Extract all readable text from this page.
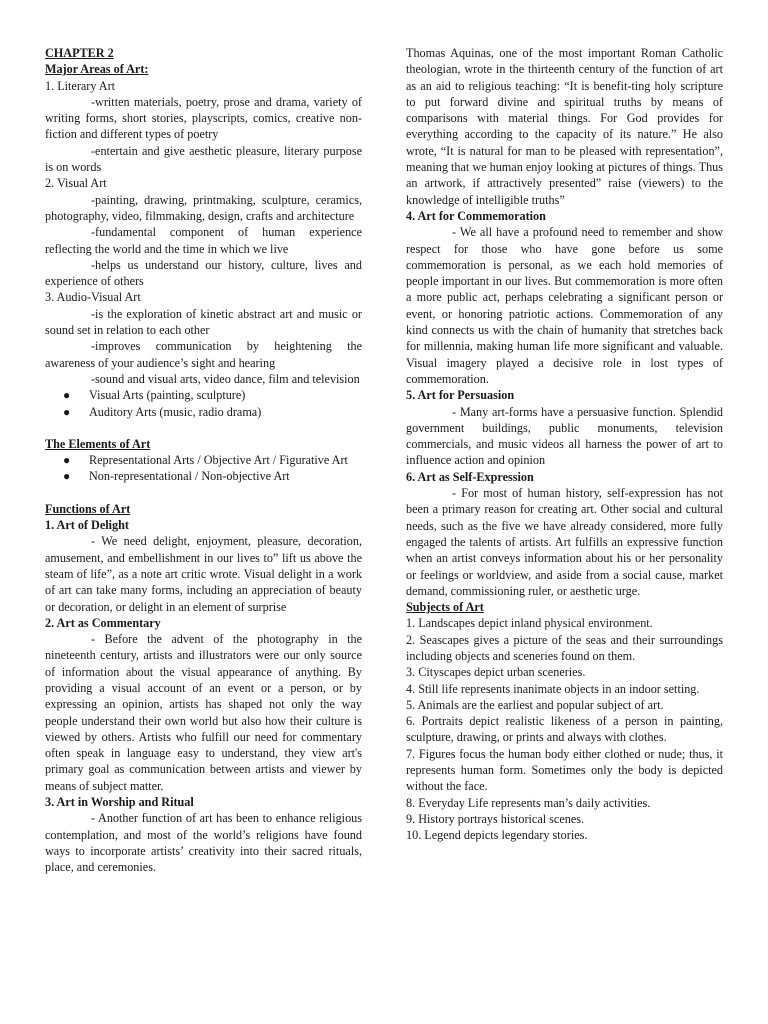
CHAPTER 2

Major Areas of Art:

1. Literary Art

-written materials, poetry, prose and drama, variety of writing forms, short stories, playscripts, comics, creative non-fiction and different types of poetry

-entertain and give aesthetic pleasure, literary purpose is on words

2. Visual Art

-painting, drawing, printmaking, sculpture, ceramics, photography, video, filmmaking, design, crafts and architecture

-fundamental component of human experience reflecting the world and the time in which we live

-helps us understand our history, culture, lives and experience of others

3. Audio-Visual Art

-is the exploration of kinetic abstract art and music or sound set in relation to each other

-improves communication by heightening the awareness of your audience’s sight and hearing

-sound and visual arts, video dance, film and television

● Visual Arts (painting, sculpture)
● Auditory Arts (music, radio drama)

The Elements of Art

● Representational Arts / Objective Art / Figurative Art
● Non-representational / Non-objective Art

Functions of Art

1. Art of Delight

- We need delight, enjoyment, pleasure, decoration, amusement, and embellishment in our lives to” lift us above the steam of life”, as a note art critic wrote. Visual delight in a work of art can take many forms, including an appreciation of beauty or decoration, or delight in an element of surprise

2. Art as Commentary

- Before the advent of the photography in the nineteenth century, artists and illustrators were our only source of information about the visual appearance of anything. By providing a visual account of an event or a person, or by expressing an opinion, artists has shaped not only the way people understand their own world but also how their culture is viewed by others. Artists who fulfill our need for commentary often speak in language easy to understand, they view art's primary goal as communication between artists and viewer by means of subject matter.

3. Art in Worship and Ritual

- Another function of art has been to enhance religious contemplation, and most of the world’s religions have found ways to incorporate artists’ creativity into their sacred rituals, place, and ceremonies.

Thomas Aquinas, one of the most important Roman Catholic theologian, wrote in the thirteenth century of the function of art as an aid to religious teaching: “It is benefit-ting holy scripture to put forward divine and spiritual truths by means of comparisons with material things. For God provides for everything according to the capacity of its nature.” He also wrote, “It is natural for man to be pleased with representation”, meaning that we human enjoy looking at pictures of things. Thus an artwork, if attractively presented” raise (viewers) to the knowledge of intelligible truths”

4. Art for Commemoration

- We all have a profound need to remember and show respect for those who have gone before us some commemoration is personal, as we each hold memories of people important in our lives. But commemoration is more often a more public act, perhaps celebrating a significant person or event, or honoring patriotic actions. Commemoration of any kind connects us with the chain of humanity that stretches back for millennia, making human life more significant and valuable. Visual imagery played a decisive role in lost types of commemoration.

5. Art for Persuasion

- Many art-forms have a persuasive function. Splendid government buildings, public monuments, television commercials, and music videos all harness the power of art to influence action and opinion

6. Art as Self-Expression

- For most of human history, self-expression has not been a primary reason for creating art. Other social and cultural needs, such as the five we have already considered, more fully engaged the talents of artists. Art fulfills an expressive function when an artist conveys information about his or her personality or feelings or worldview, and aside from a social cause, market demand, commissioning ruler, or aesthetic urge.

Subjects of Art

1. Landscapes depict inland physical environment.

2. Seascapes gives a picture of the seas and their surroundings including objects and sceneries found on them.

3. Cityscapes depict urban sceneries.

4. Still life represents inanimate objects in an indoor setting.

5. Animals are the earliest and popular subject of art.

6. Portraits depict realistic likeness of a person in painting, sculpture, drawing, or prints and always with clothes.

7. Figures focus the human body either clothed or nude; thus, it represents human form. Sometimes only the body is depicted without the face.

8. Everyday Life represents man’s daily activities.

9. History portrays historical scenes.

10. Legend depicts legendary stories.
